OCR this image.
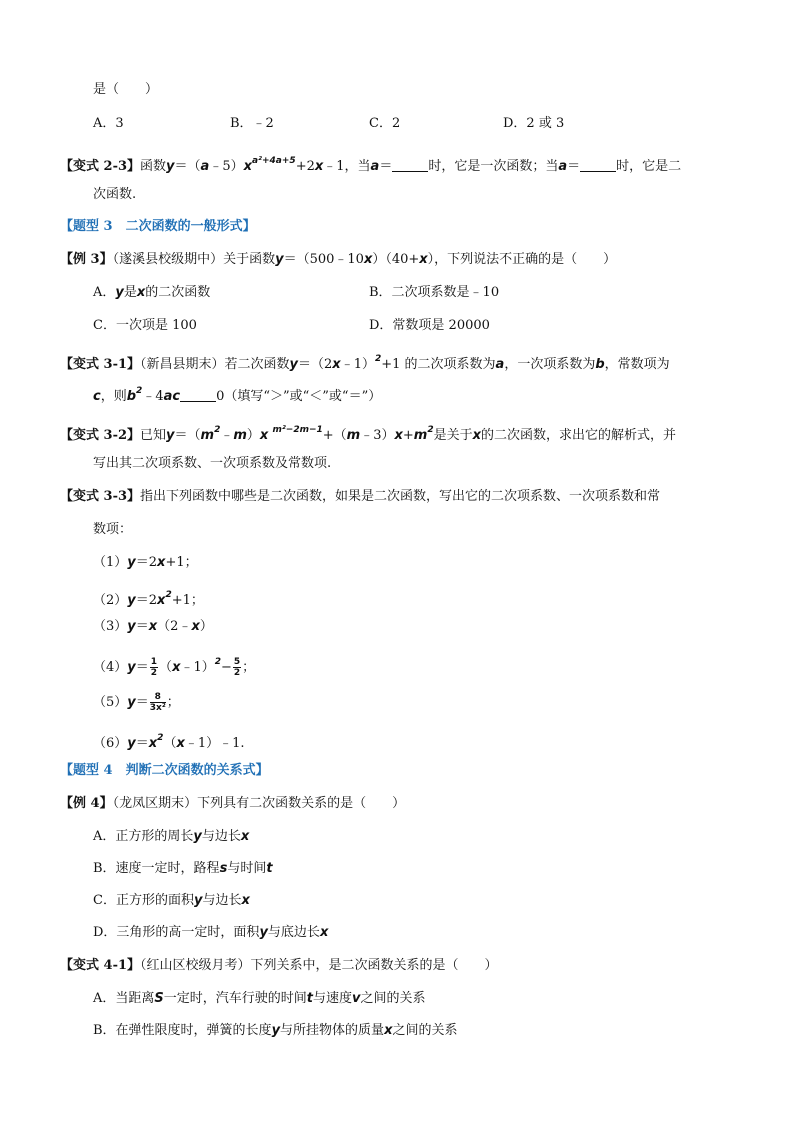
是（　　）
A．3	B．﹣2	C．2	D．2 或 3
【变式 2-3】函数$y=(a﹣5)x^{a^2+4a+5}+2x﹣1$，当a＝	时，它是一次函数；当a＝	时，它是二
次函数.
【题型 3　二次函数的一般形式】
【例 3】（遂溪县校级期中）关于函数y＝（500﹣10x）（40+x），下列说法不正确的是（　　）
A．y是x的二次函数	B．二次项系数是﹣10
C．一次项是 100	D．常数项是 20000
【变式 3-1】（新昌县期末）若二次函数y＝（2x﹣1）$^2$+1 的二次项系数为a，一次项系数为b，常数项为
c，则$b^2﹣4ac$	0（填写“＞”或“＜”或“＝”）
【变式 3-2】已知$y=(m^2﹣m)x$ $^{m^2-2m-1}+(m﹣3)x+m^2$是关于x的二次函数，求出它的解析式，并
写出其二次项系数、一次项系数及常数项.
【变式 3-3】指出下列函数中哪些是二次函数，如果是二次函数，写出它的二次项系数、一次项系数和常
数项：
（1）y＝2x+1；
$(2)y=2x^2+1$；
（3）y＝x（2﹣x）
$(4)y= \frac{1}{2}$ （x﹣1）$^2$− $\frac{5}{2}$ ；
$(5)y= \frac{8}{\text{3x²}}$ ；
$(6)y=x^2(x﹣1)﹣1$.
【题型 4　判断二次函数的关系式】
【例 4】（龙凤区期末）下列具有二次函数关系的是（　　）
A．正方形的周长y与边长x
B．速度一定时，路程s与时间t
C．正方形的面积y与边长x
D．三角形的高一定时，面积y与底边长x
【变式 4-1】（红山区校级月考）下列关系中，是二次函数关系的是（　　）
A．当距离S一定时，汽车行驶的时间t与速度v之间的关系
B．在弹性限度时，弹簧的长度y与所挂物体的质量x之间的关系
